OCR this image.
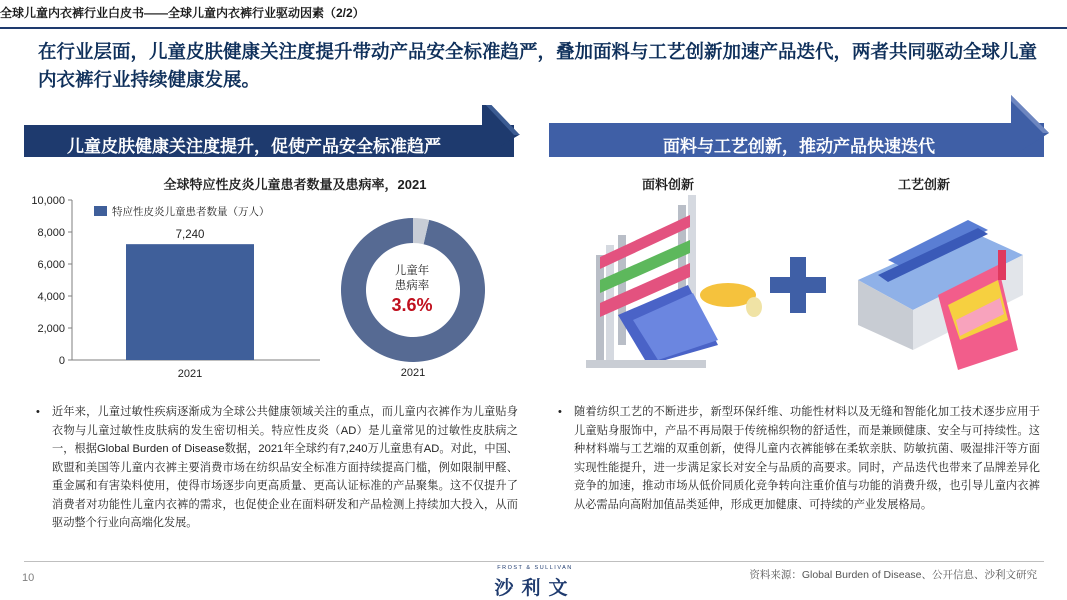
全球儿童内衣裤行业白皮书——全球儿童内衣裤行业驱动因素（2/2）
在行业层面，儿童皮肤健康关注度提升带动产品安全标准趋严，叠加面料与工艺创新加速产品迭代，两者共同驱动全球儿童内衣裤行业持续健康发展。
儿童皮肤健康关注度提升，促使产品安全标准趋严	面料与工艺创新，推动产品快速迭代
全球特应性皮炎儿童患者数量及患病率，2021
0
2,000
4,000
6,000
8,000
10,000
7,240
2021
特应性皮炎儿童患者数量（万人）
儿童年
患病率
3.6%
2021
面料创新	工艺创新
•	近年来，儿童过敏性疾病逐渐成为全球公共健康领域关注的重点，而儿童内衣裤作为儿童贴身衣物与儿童过敏性皮肤病的发生密切相关。特应性皮炎（AD）是儿童常见的过敏性皮肤病之一，根据Global Burden of Disease数据，2021年全球约有7,240万儿童患有AD。对此，中国、欧盟和美国等儿童内衣裤主要消费市场在纺织品安全标准方面持续提高门槛，例如限制甲醛、重金属和有害染料使用，使得市场逐步向更高质量、更高认证标准的产品聚集。这不仅提升了消费者对功能性儿童内衣裤的需求，也促使企业在面料研发和产品检测上持续加大投入，从而驱动整个行业向高端化发展。
•	随着纺织工艺的不断进步，新型环保纤维、功能性材料以及无缝和智能化加工技术逐步应用于儿童贴身服饰中，产品不再局限于传统棉织物的舒适性，而是兼顾健康、安全与可持续性。这种材料端与工艺端的双重创新，使得儿童内衣裤能够在柔软亲肤、防敏抗菌、吸湿排汗等方面实现性能提升，进一步满足家长对安全与品质的高要求。同时，产品迭代也带来了品牌差异化竞争的加速，推动市场从低价同质化竞争转向注重价值与功能的消费升级，也引导儿童内衣裤从必需品向高附加值品类延伸，形成更加健康、可持续的产业发展格局。
10
FROST & SULLIVAN
沙利文
资料来源：Global Burden of Disease、公开信息、沙利文研究
